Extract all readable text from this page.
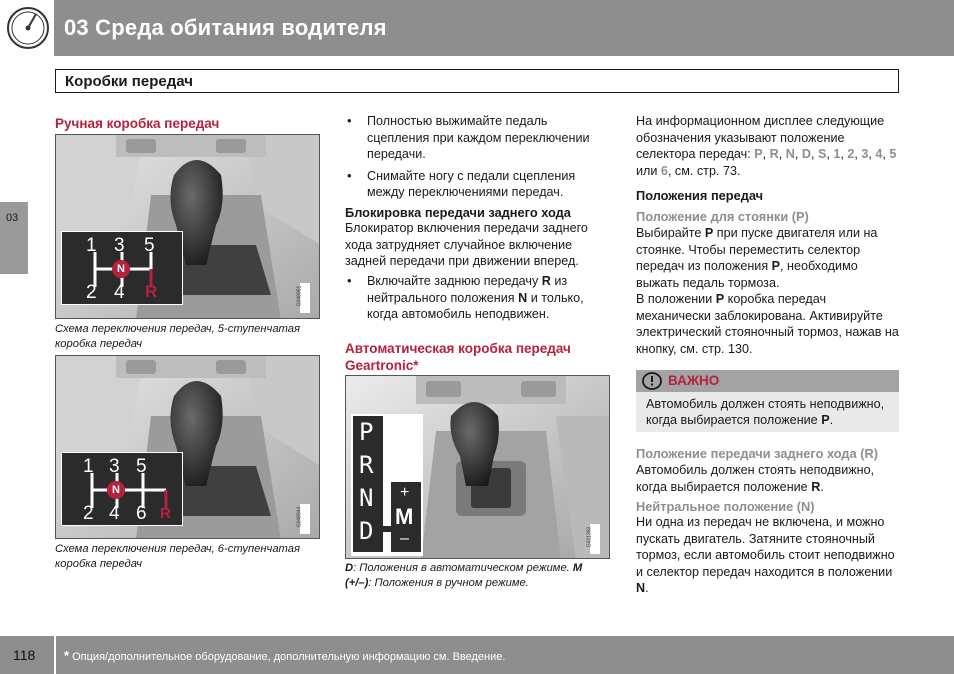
03 Среда обитания водителя
Коробки передач
03
Ручная коробка передач
1 3 5
2 4 R
N
G048951
Схема переключения передач, 5-ступенчатая коробка передач
1 3 5
2 4 6 R
N
G048944
Схема переключения передач, 6-ступенчатая коробка передач
• Полностью выжимайте педаль сцепления при каждом переключении передачи.
• Снимайте ногу с педали сцепления между переключениями передач.
Блокировка передачи заднего хода
Блокиратор включения передачи заднего хода затрудняет случайное включение задней передачи при движении вперед.
• Включайте заднюю передачу R из нейтрального положения N и только, когда автомобиль неподвижен.
Автоматическая коробка передач
Geartronic*
P
R
N
D
+
M
–	G021350
D: Положения в автоматическом режиме. M (+/–): Положения в ручном режиме.
На информационном дисплее следующие обозначения указывают положение селектора передач: P, R, N, D, S, 1, 2, 3, 4, 5 или 6, см. стр. 73.
Положения передач
Положение для стоянки (P)
Выбирайте P при пуске двигателя или на стоянке. Чтобы переместить селектор передач из положения P, необходимо выжать педаль тормоза.
В положении P коробка передач механически заблокирована. Активируйте электрический стояночный тормоз, нажав на кнопку, см. стр. 130.
ВАЖНО
Автомобиль должен стоять неподвижно, когда выбирается положение P.
Положение передачи заднего хода (R)
Автомобиль должен стоять неподвижно, когда выбирается положение R.
Нейтральное положение (N)
Ни одна из передач не включена, и можно пускать двигатель. Затяните стояночный тормоз, если автомобиль стоит неподвижно и селектор передач находится в положении N.
118 * Опция/дополнительное оборудование, дополнительную информацию см. Введение.
